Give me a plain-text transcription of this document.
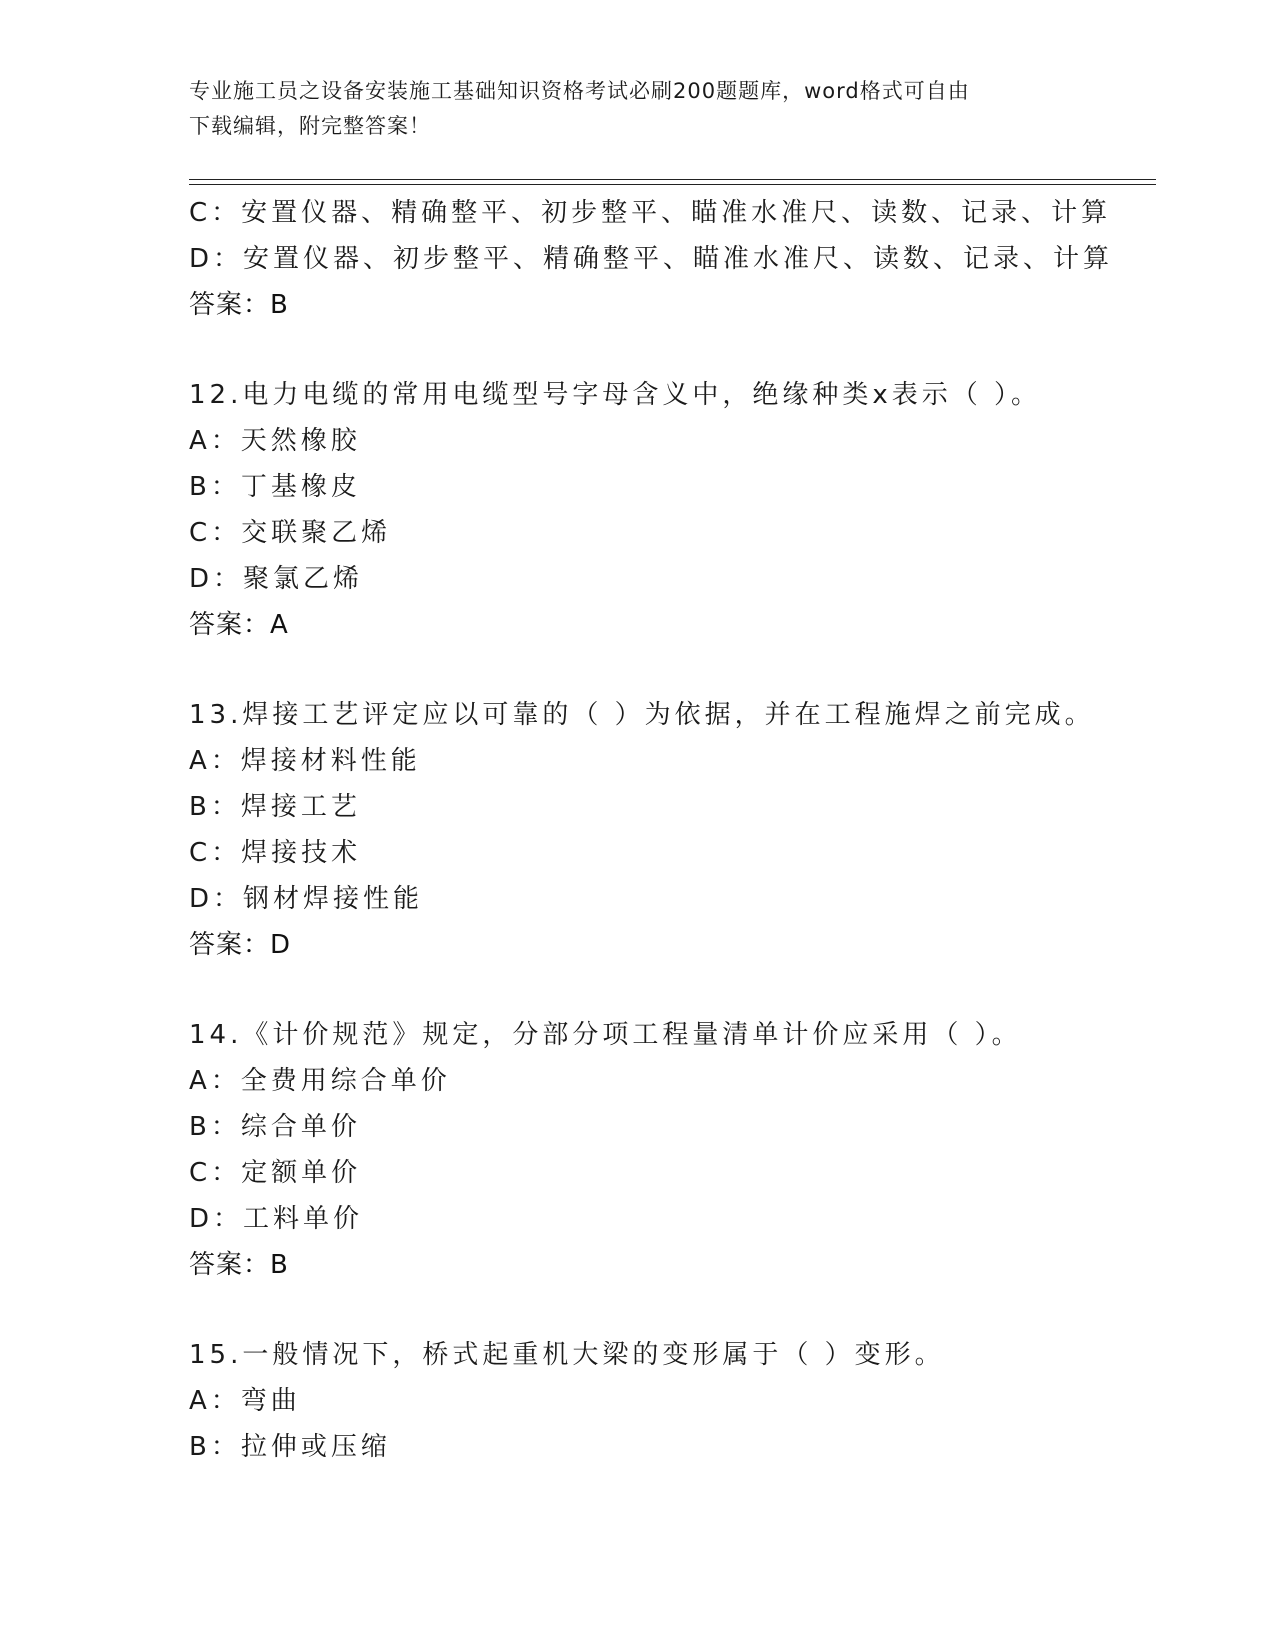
专业施工员之设备安装施工基础知识资格考试必刷200题题库，word格式可自由
下载编辑，附完整答案！
C：安置仪器、精确整平、初步整平、瞄准水准尺、读数、记录、计算
D：安置仪器、初步整平、精确整平、瞄准水准尺、读数、记录、计算
答案：B
12.电力电缆的常用电缆型号字母含义中，绝缘种类x表示（ ）。
A：天然橡胶
B：丁基橡皮
C：交联聚乙烯
D：聚氯乙烯
答案：A
13.焊接工艺评定应以可靠的（ ）为依据，并在工程施焊之前完成。
A：焊接材料性能
B：焊接工艺
C：焊接技术
D：钢材焊接性能
答案：D
14.《计价规范》规定，分部分项工程量清单计价应采用（ ）。
A：全费用综合单价
B：综合单价
C：定额单价
D：工料单价
答案：B
15.一般情况下，桥式起重机大梁的变形属于（ ）变形。
A：弯曲
B：拉伸或压缩
